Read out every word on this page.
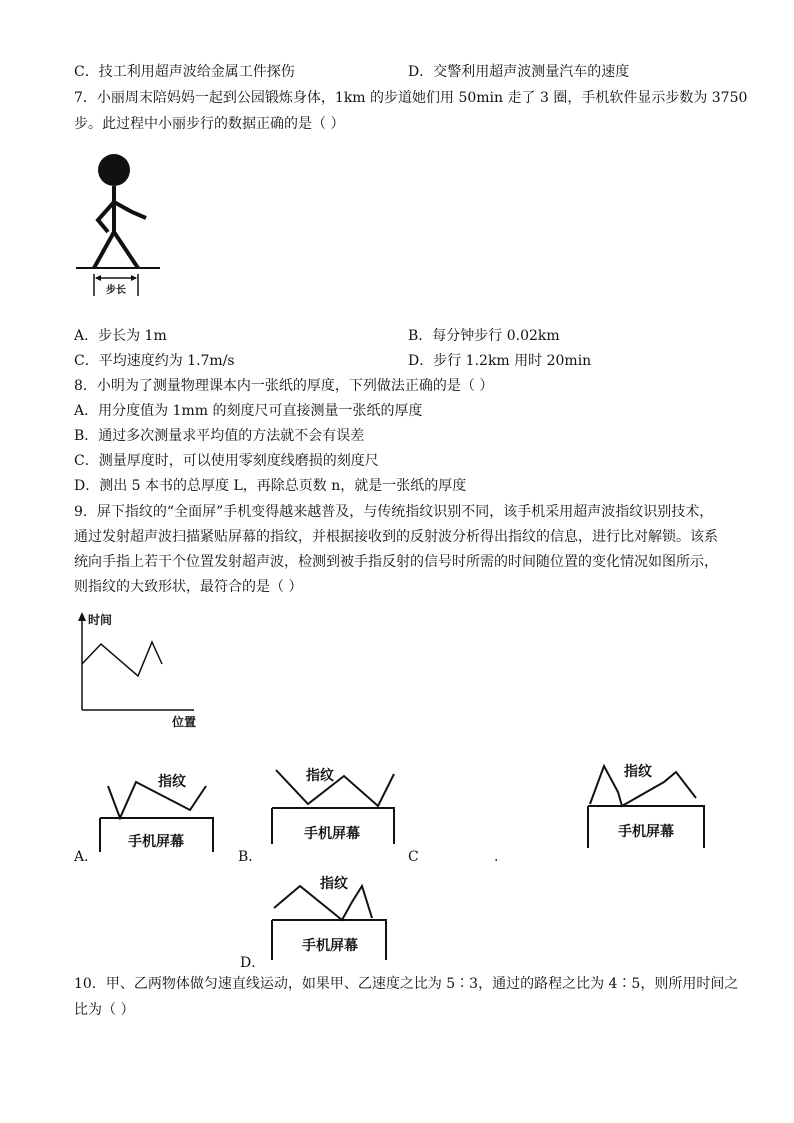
C．技工利用超声波给金属工件探伤	D．交警利用超声波测量汽车的速度
7．小丽周末陪妈妈一起到公园锻炼身体，1km 的步道她们用 50min 走了 3 圈，手机软件显示步数为 3750
步。此过程中小丽步行的数据正确的是（ ）
步长
A．步长为 1m	B．每分钟步行 0.02km
C．平均速度约为 1.7m/s	D．步行 1.2km 用时 20min
8．小明为了测量物理课本内一张纸的厚度，下列做法正确的是（ ）
A．用分度值为 1mm 的刻度尺可直接测量一张纸的厚度
B．通过多次测量求平均值的方法就不会有误差
C．测量厚度时，可以使用零刻度线磨损的刻度尺
D．测出 5 本书的总厚度 L，再除总页数 n，就是一张纸的厚度
9．屏下指纹的“全面屏”手机变得越来越普及，与传统指纹识别不同，该手机采用超声波指纹识别技术，
通过发射超声波扫描紧贴屏幕的指纹，并根据接收到的反射波分析得出指纹的信息，进行比对解锁。该系
统向手指上若干个位置发射超声波，检测到被手指反射的信号时所需的时间随位置的变化情况如图所示，
则指纹的大致形状，最符合的是（ ）
时间
位置
A．
指纹
手机屏幕
B．
指纹
手机屏幕
C	.
指纹
手机屏幕
D．
指纹
手机屏幕
10．甲、乙两物体做匀速直线运动，如果甲、乙速度之比为 5∶3，通过的路程之比为 4∶5，则所用时间之
比为（ ）
